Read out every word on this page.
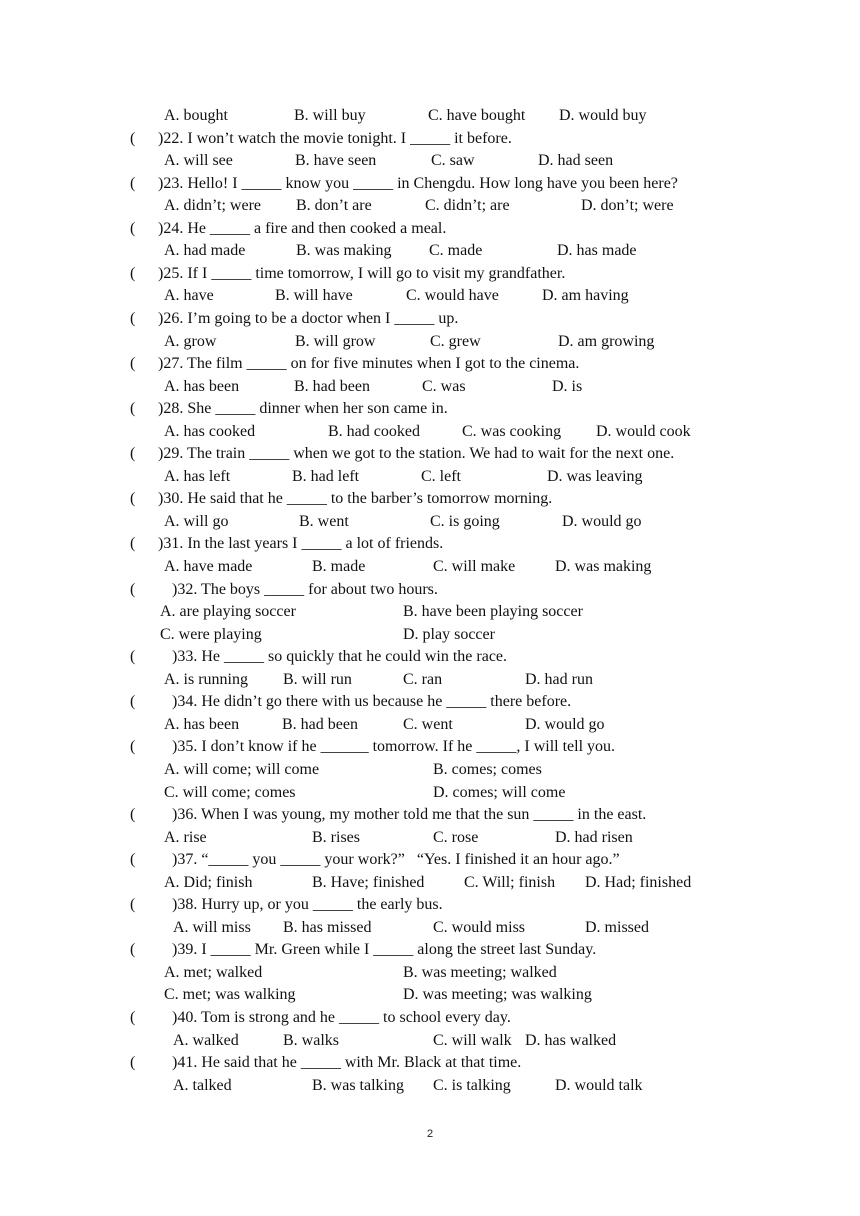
A. bought	B. will buy	C. have bought D. would buy
( )22. I won’t watch the movie tonight. I _____ it before.
A. will see	B. have seen	C. saw	D. had seen
( )23. Hello! I _____ know you _____ in Chengdu. How long have you been here?
A. didn’t; were B. don’t are	C. didn’t; are	D. don’t; were
( )24. He _____ a fire and then cooked a meal.
A. had made	B. was making C. made	D. has made
( )25. If I _____ time tomorrow, I will go to visit my grandfather.
A. have	B. will have	C. would have	D. am having
( )26. I’m going to be a doctor when I _____ up.
A. grow	B. will grow	C. grew	D. am growing
( )27. The film _____ on for five minutes when I got to the cinema.
A. has been	B. had been	C. was	D. is
( )28. She _____ dinner when her son came in.
A. has cooked	B. had cooked	C. was cooking D. would cook
( )29. The train _____ when we got to the station. We had to wait for the next one.
A. has left	B. had left	C. left	D. was leaving
( )30. He said that he _____ to the barber’s tomorrow morning.
A. will go	B. went	C. is going	D. would go
( )31. In the last years I _____ a lot of friends.
A. have made	B. made	C. will make D. was making
( )32. The boys _____ for about two hours.
A. are playing soccer	B. have been playing soccer
C. were playing	D. play soccer
( )33. He _____ so quickly that he could win the race.
A. is running B. will run	C. ran	D. had run
( )34. He didn’t go there with us because he _____ there before.
A. has been	B. had been	C. went	D. would go
( )35. I don’t know if he ______ tomorrow. If he _____, I will tell you.
A. will come; will come	B. comes; comes
C. will come; comes	D. comes; will come
( )36. When I was young, my mother told me that the sun _____ in the east.
A. rise	B. rises	C. rose	D. had risen
( )37. “_____ you _____ your work?”   “Yes. I finished it an hour ago.”
A. Did; finish	B. Have; finished C. Will; finish D. Had; finished
( )38. Hurry up, or you _____ the early bus.
A. will miss B. has missed	C. would miss	D. missed
( )39. I _____ Mr. Green while I _____ along the street last Sunday.
A. met; walked	B. was meeting; walked
C. met; was walking	D. was meeting; was walking
( )40. Tom is strong and he _____ to school every day.
A. walked	B. walks	C. will walk D. has walked
( )41. He said that he _____ with Mr. Black at that time.
A. talked	B. was talking C. is talking	D. would talk
2
